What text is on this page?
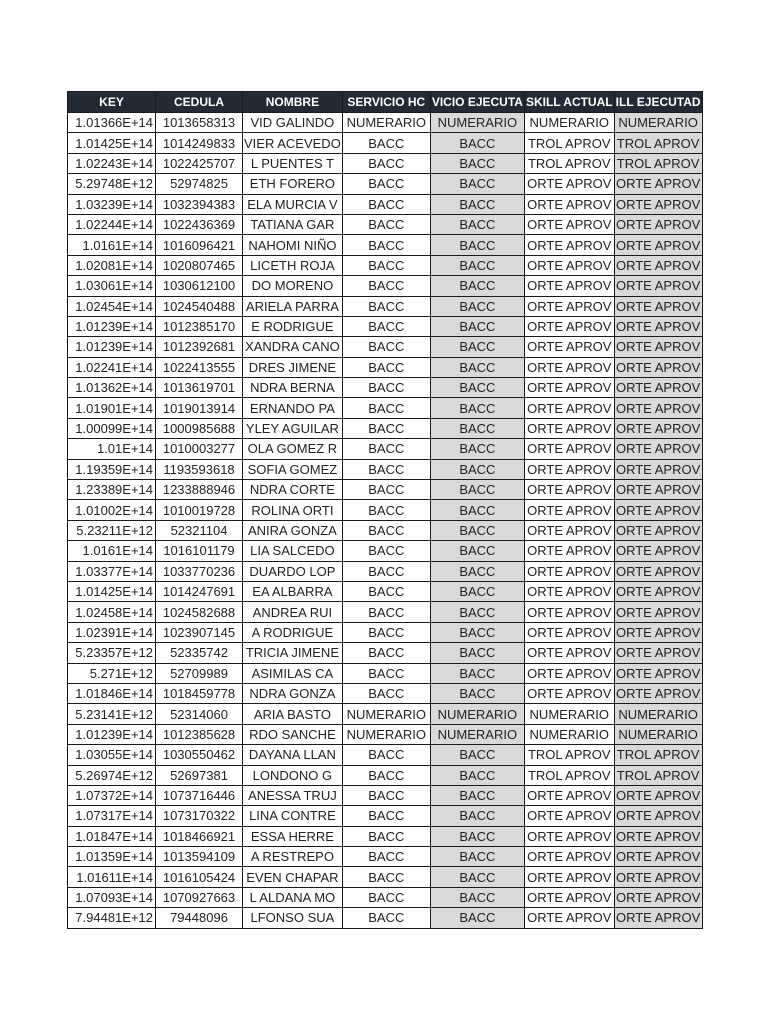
KEY	CEDULA	NOMBRE	SERVICIO HC	VICIO EJECUTA	SKILL ACTUAL	ILL EJECUTAD
1.01366E+14	1013658313	VID GALINDO	NUMERARIO	NUMERARIO	NUMERARIO	NUMERARIO
1.01425E+14	1014249833	VIER ACEVEDO	BACC	BACC	TROL APROV	TROL APROV
1.02243E+14	1022425707	L PUENTES T	BACC	BACC	TROL APROV	TROL APROV
5.29748E+12	52974825	ETH FORERO	BACC	BACC	ORTE APROV	ORTE APROV
1.03239E+14	1032394383	ELA MURCIA V	BACC	BACC	ORTE APROV	ORTE APROV
1.02244E+14	1022436369	TATIANA GAR	BACC	BACC	ORTE APROV	ORTE APROV
1.0161E+14	1016096421	NAHOMI NIÑO	BACC	BACC	ORTE APROV	ORTE APROV
1.02081E+14	1020807465	LICETH ROJA	BACC	BACC	ORTE APROV	ORTE APROV
1.03061E+14	1030612100	DO MORENO	BACC	BACC	ORTE APROV	ORTE APROV
1.02454E+14	1024540488	ARIELA PARRA	BACC	BACC	ORTE APROV	ORTE APROV
1.01239E+14	1012385170	E RODRIGUE	BACC	BACC	ORTE APROV	ORTE APROV
1.01239E+14	1012392681	XANDRA CANO	BACC	BACC	ORTE APROV	ORTE APROV
1.02241E+14	1022413555	DRES JIMENE	BACC	BACC	ORTE APROV	ORTE APROV
1.01362E+14	1013619701	NDRA BERNA	BACC	BACC	ORTE APROV	ORTE APROV
1.01901E+14	1019013914	ERNANDO PA	BACC	BACC	ORTE APROV	ORTE APROV
1.00099E+14	1000985688	YLEY AGUILAR	BACC	BACC	ORTE APROV	ORTE APROV
1.01E+14	1010003277	OLA GOMEZ R	BACC	BACC	ORTE APROV	ORTE APROV
1.19359E+14	1193593618	SOFIA GOMEZ	BACC	BACC	ORTE APROV	ORTE APROV
1.23389E+14	1233888946	NDRA CORTE	BACC	BACC	ORTE APROV	ORTE APROV
1.01002E+14	1010019728	ROLINA ORTI	BACC	BACC	ORTE APROV	ORTE APROV
5.23211E+12	52321104	ANIRA GONZA	BACC	BACC	ORTE APROV	ORTE APROV
1.0161E+14	1016101179	LIA SALCEDO	BACC	BACC	ORTE APROV	ORTE APROV
1.03377E+14	1033770236	DUARDO LOP	BACC	BACC	ORTE APROV	ORTE APROV
1.01425E+14	1014247691	EA ALBARRA	BACC	BACC	ORTE APROV	ORTE APROV
1.02458E+14	1024582688	ANDREA RUI	BACC	BACC	ORTE APROV	ORTE APROV
1.02391E+14	1023907145	A RODRIGUE	BACC	BACC	ORTE APROV	ORTE APROV
5.23357E+12	52335742	TRICIA JIMENE	BACC	BACC	ORTE APROV	ORTE APROV
5.271E+12	52709989	ASIMILAS CA	BACC	BACC	ORTE APROV	ORTE APROV
1.01846E+14	1018459778	NDRA GONZA	BACC	BACC	ORTE APROV	ORTE APROV
5.23141E+12	52314060	ARIA BASTO	NUMERARIO	NUMERARIO	NUMERARIO	NUMERARIO
1.01239E+14	1012385628	RDO SANCHE	NUMERARIO	NUMERARIO	NUMERARIO	NUMERARIO
1.03055E+14	1030550462	DAYANA LLAN	BACC	BACC	TROL APROV	TROL APROV
5.26974E+12	52697381	LONDONO G	BACC	BACC	TROL APROV	TROL APROV
1.07372E+14	1073716446	ANESSA TRUJ	BACC	BACC	ORTE APROV	ORTE APROV
1.07317E+14	1073170322	LINA CONTRE	BACC	BACC	ORTE APROV	ORTE APROV
1.01847E+14	1018466921	ESSA HERRE	BACC	BACC	ORTE APROV	ORTE APROV
1.01359E+14	1013594109	A RESTREPO	BACC	BACC	ORTE APROV	ORTE APROV
1.01611E+14	1016105424	EVEN CHAPAR	BACC	BACC	ORTE APROV	ORTE APROV
1.07093E+14	1070927663	L ALDANA MO	BACC	BACC	ORTE APROV	ORTE APROV
7.94481E+12	79448096	LFONSO SUA	BACC	BACC	ORTE APROV	ORTE APROV
